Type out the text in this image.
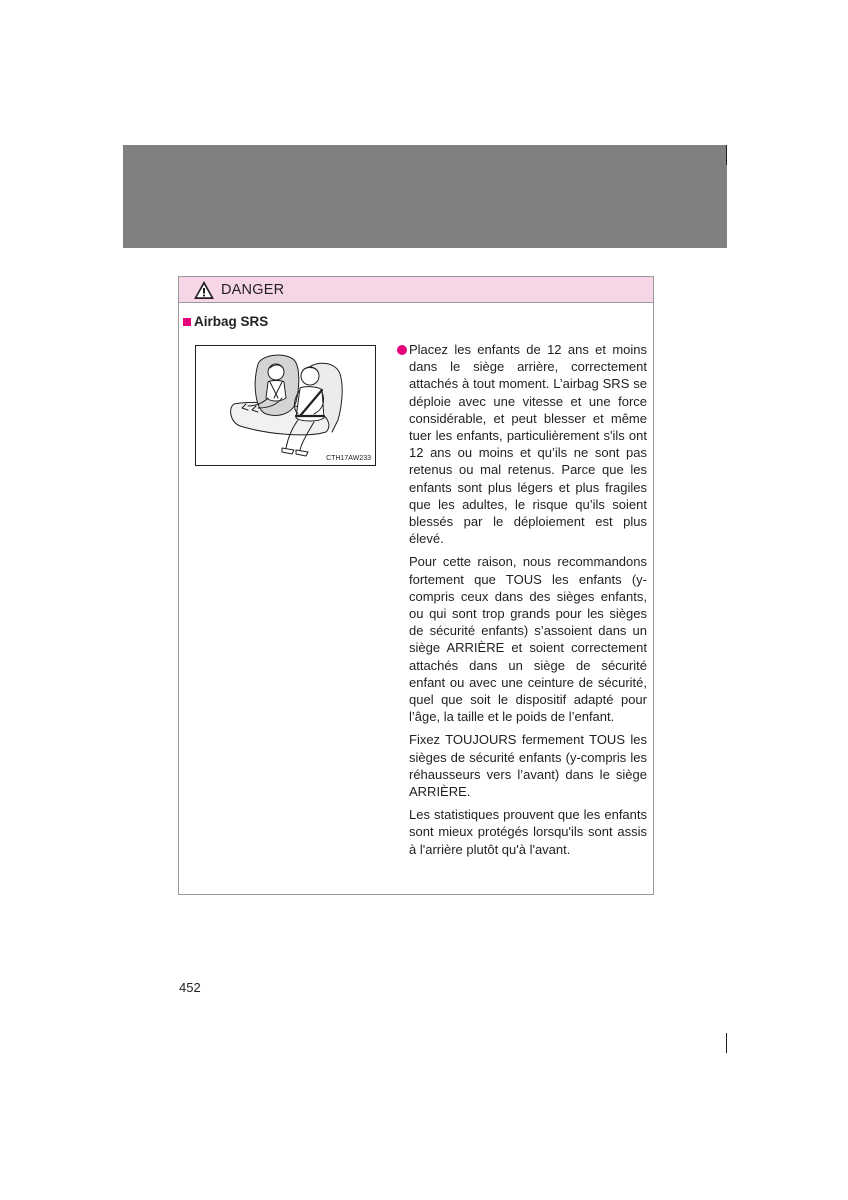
DANGER
Airbag SRS
CTH17AW233

Placez les enfants de 12 ans et moins dans le siège arrière, correctement attachés à tout moment. L’airbag SRS se déploie avec une vitesse et une force considérable, et peut blesser et même tuer les enfants, particulièrement s'ils ont 12 ans ou moins et qu’ils ne sont pas retenus ou mal retenus. Parce que les enfants sont plus légers et plus fragiles que les adultes, le risque qu’ils soient blessés par le déploiement est plus élevé.

Pour cette raison, nous recommandons fortement que TOUS les enfants (y-compris ceux dans des sièges enfants, ou qui sont trop grands pour les sièges de sécurité enfants) s’assoient dans un siège ARRIÈRE et soient correctement attachés dans un siège de sécurité enfant ou avec une ceinture de sécurité, quel que soit le dispositif adapté pour l’âge, la taille et le poids de l’enfant.

Fixez TOUJOURS fermement TOUS les sièges de sécurité enfants (y-compris les réhausseurs vers l’avant) dans le siège ARRIÈRE.

Les statistiques prouvent que les enfants sont mieux protégés lorsqu'ils sont assis à l'arrière plutôt qu'à l'avant.

452
